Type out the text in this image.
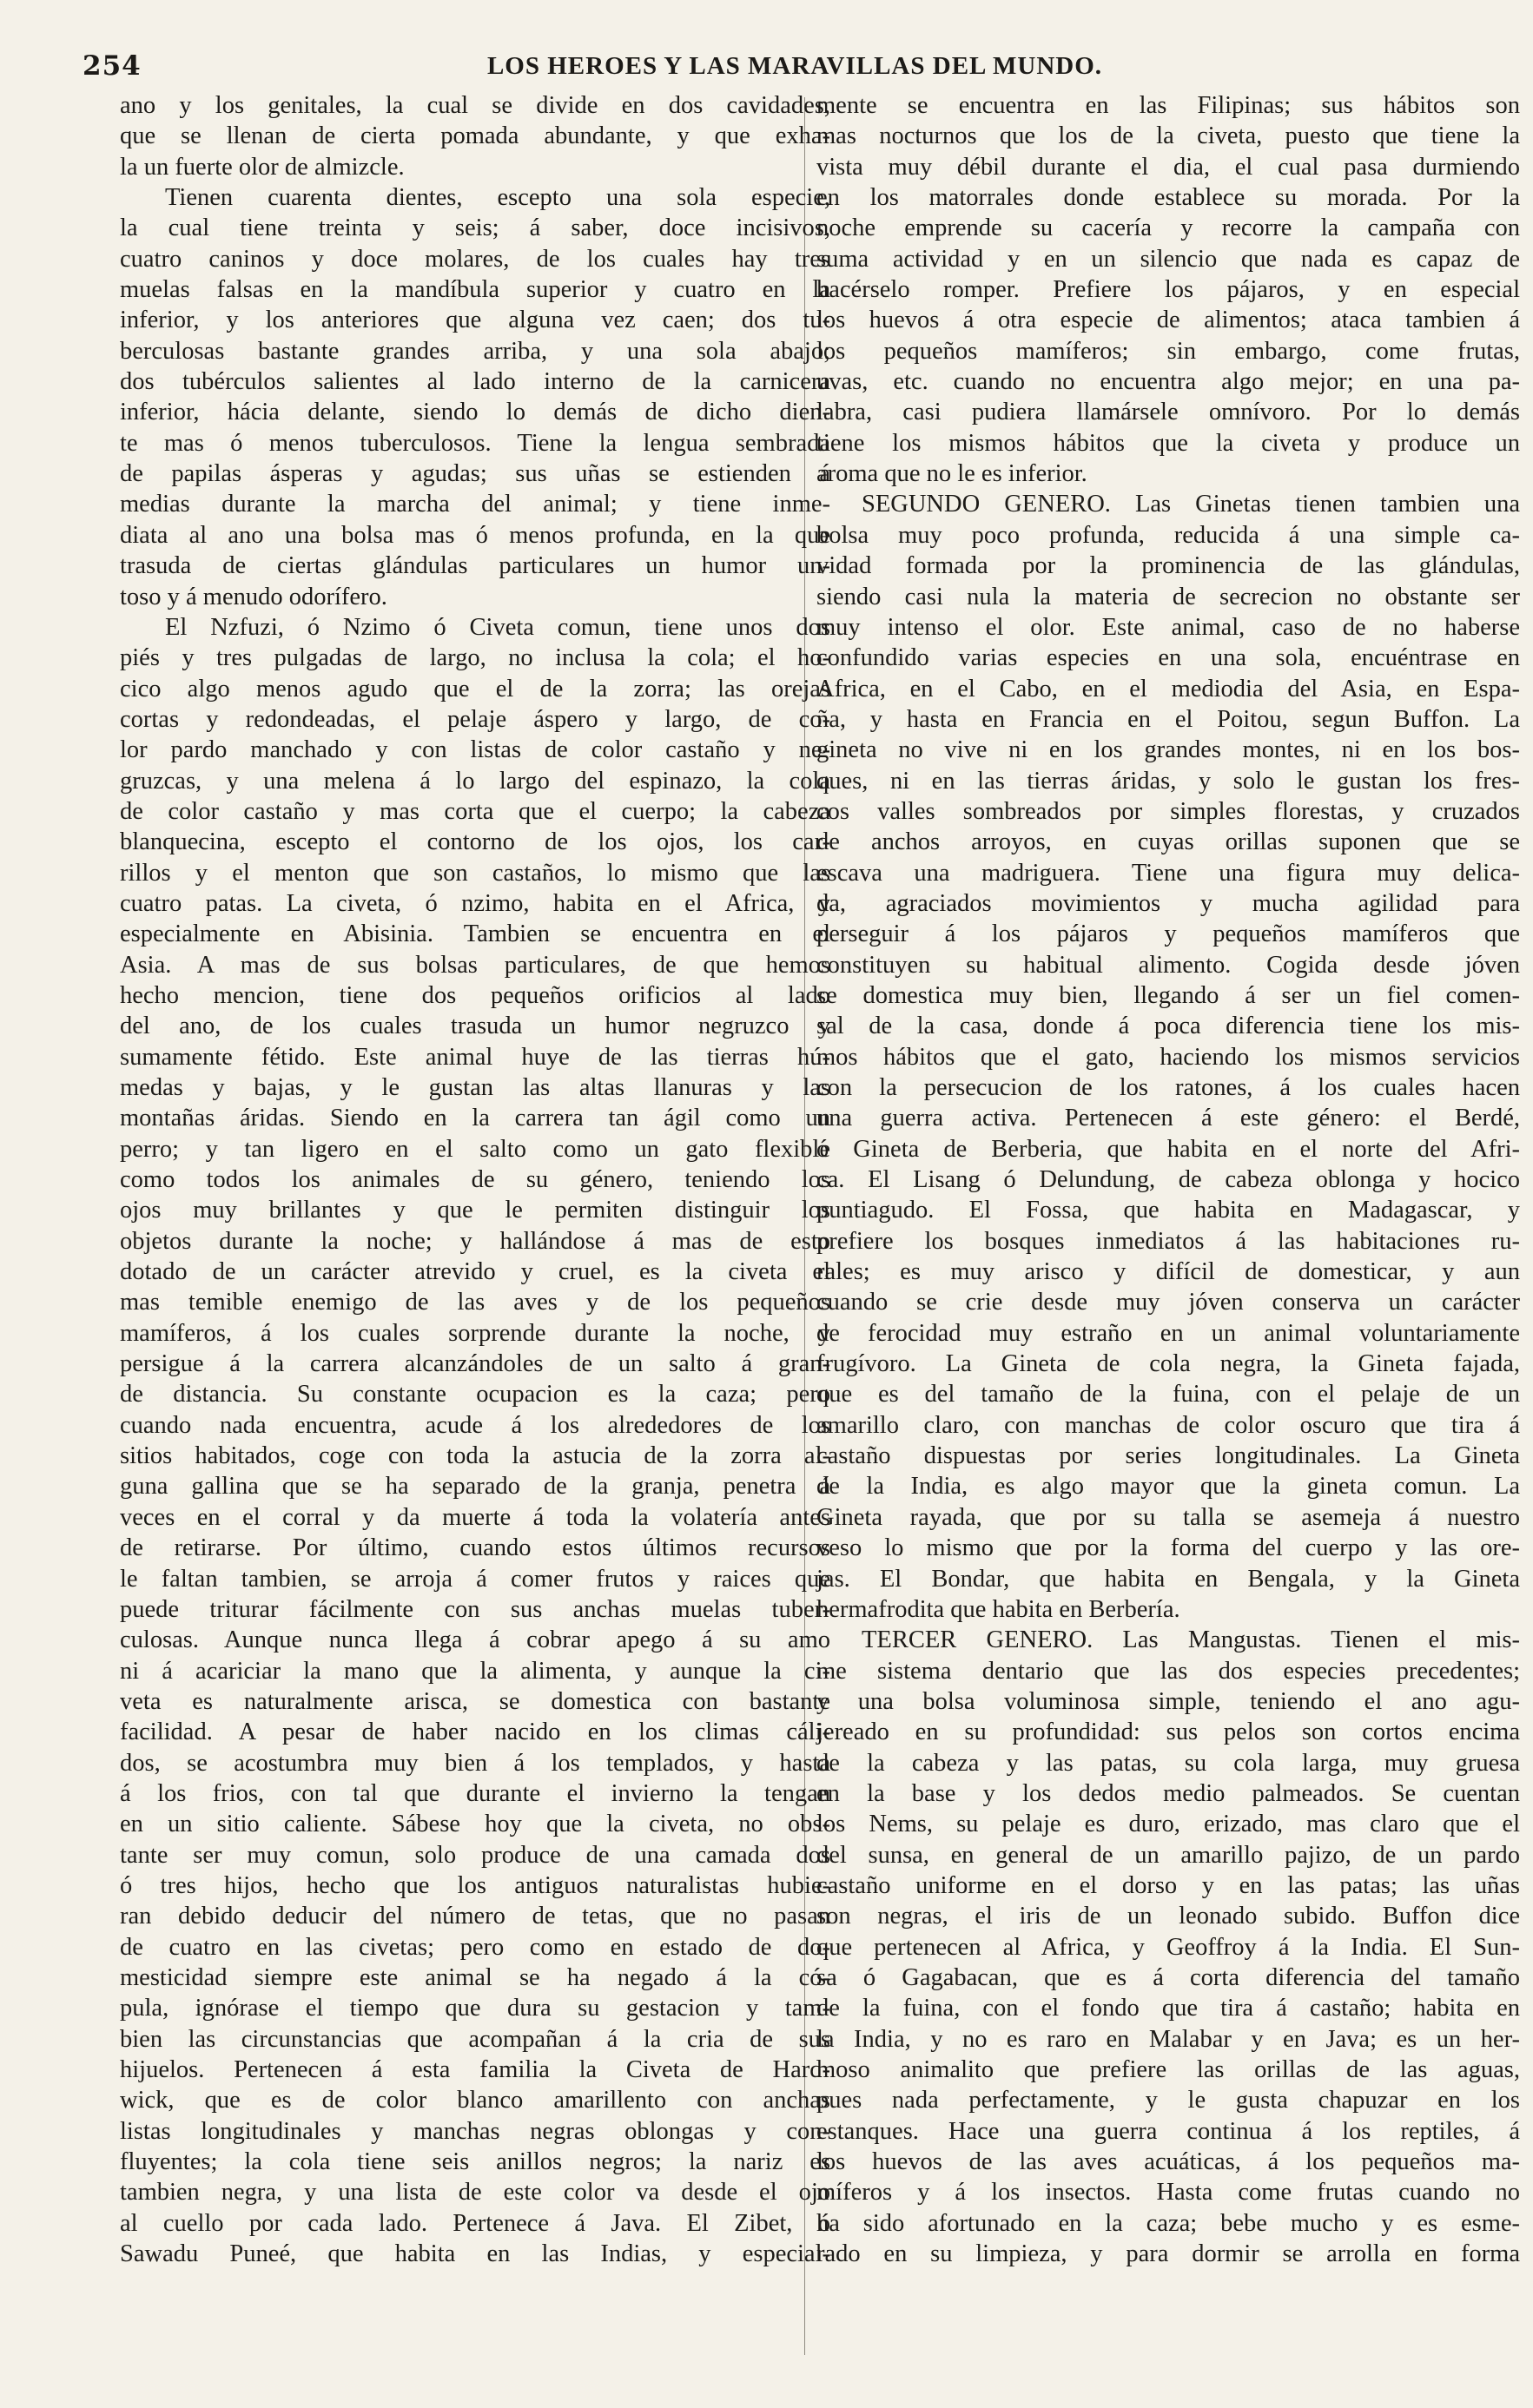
254	LOS HEROES Y LAS MARAVILLAS DEL MUNDO.

ano y los genitales, la cual se divide en dos cavidades,

que se llenan de cierta pomada abundante, y que exha-

la un fuerte olor de almizcle.

Tienen cuarenta dientes, escepto una sola especie,

la cual tiene treinta y seis; á saber, doce incisivos,

cuatro caninos y doce molares, de los cuales hay tres

muelas falsas en la mandíbula superior y cuatro en la

inferior, y los anteriores que alguna vez caen; dos tu-

berculosas bastante grandes arriba, y una sola abajo;

dos tubérculos salientes al lado interno de la carnicera

inferior, hácia delante, siendo lo demás de dicho dien-

te mas ó menos tuberculosos. Tiene la lengua sembrada

de papilas ásperas y agudas; sus uñas se estienden á

medias durante la marcha del animal; y tiene inme-

diata al ano una bolsa mas ó menos profunda, en la que

trasuda de ciertas glándulas particulares un humor un-

toso y á menudo odorífero.

El Nzfuzi, ó Nzimo ó Civeta comun, tiene unos dos

piés y tres pulgadas de largo, no inclusa la cola; el ho-

cico algo menos agudo que el de la zorra; las orejas

cortas y redondeadas, el pelaje áspero y largo, de co-

lor pardo manchado y con listas de color castaño y ne-

gruzcas, y una melena á lo largo del espinazo, la cola

de color castaño y mas corta que el cuerpo; la cabeza

blanquecina, escepto el contorno de los ojos, los car-

rillos y el menton que son castaños, lo mismo que las

cuatro patas. La civeta, ó nzimo, habita en el Africa, y

especialmente en Abisinia. Tambien se encuentra en el

Asia. A mas de sus bolsas particulares, de que hemos

hecho mencion, tiene dos pequeños orificios al lado

del ano, de los cuales trasuda un humor negruzco y

sumamente fétido. Este animal huye de las tierras hú-

medas y bajas, y le gustan las altas llanuras y las

montañas áridas. Siendo en la carrera tan ágil como un

perro; y tan ligero en el salto como un gato flexible

como todos los animales de su género, teniendo los

ojos muy brillantes y que le permiten distinguir los

objetos durante la noche; y hallándose á mas de esto

dotado de un carácter atrevido y cruel, es la civeta el

mas temible enemigo de las aves y de los pequeños

mamíferos, á los cuales sorprende durante la noche, y

persigue á la carrera alcanzándoles de un salto á gran-

de distancia. Su constante ocupacion es la caza; pero

cuando nada encuentra, acude á los alrededores de los

sitios habitados, coge con toda la astucia de la zorra al-

guna gallina que se ha separado de la granja, penetra á

veces en el corral y da muerte á toda la volatería antes

de retirarse. Por último, cuando estos últimos recursos

le faltan tambien, se arroja á comer frutos y raices que

puede triturar fácilmente con sus anchas muelas tuber-

culosas. Aunque nunca llega á cobrar apego á su amo

ni á acariciar la mano que la alimenta, y aunque la ci-

veta es naturalmente arisca, se domestica con bastante

facilidad. A pesar de haber nacido en los climas cáli-

dos, se acostumbra muy bien á los templados, y hasta

á los frios, con tal que durante el invierno la tengan

en un sitio caliente. Sábese hoy que la civeta, no obs-

tante ser muy comun, solo produce de una camada dos

ó tres hijos, hecho que los antiguos naturalistas hubie-

ran debido deducir del número de tetas, que no pasan

de cuatro en las civetas; pero como en estado de do-

mesticidad siempre este animal se ha negado á la có-

pula, ignórase el tiempo que dura su gestacion y tam-

bien las circunstancias que acompañan á la cria de sus

hijuelos. Pertenecen á esta familia la Civeta de Hard-

wick, que es de color blanco amarillento con anchas

listas longitudinales y manchas negras oblongas y con-

fluyentes; la cola tiene seis anillos negros; la nariz es

tambien negra, y una lista de este color va desde el ojo

al cuello por cada lado. Pertenece á Java. El Zibet, ó

Sawadu Puneé, que habita en las Indias, y especial-

mente se encuentra en las Filipinas; sus hábitos son

mas nocturnos que los de la civeta, puesto que tiene la

vista muy débil durante el dia, el cual pasa durmiendo

en los matorrales donde establece su morada. Por la

noche emprende su cacería y recorre la campaña con

suma actividad y en un silencio que nada es capaz de

hacérselo romper. Prefiere los pájaros, y en especial

los huevos á otra especie de alimentos; ataca tambien á

los pequeños mamíferos; sin embargo, come frutas,

uvas, etc. cuando no encuentra algo mejor; en una pa-

labra, casi pudiera llamársele omnívoro. Por lo demás

tiene los mismos hábitos que la civeta y produce un

aroma que no le es inferior.

SEGUNDO GENERO. Las Ginetas tienen tambien una

bolsa muy poco profunda, reducida á una simple ca-

vidad formada por la prominencia de las glándulas,

siendo casi nula la materia de secrecion no obstante ser

muy intenso el olor. Este animal, caso de no haberse

confundido varias especies en una sola, encuéntrase en

Africa, en el Cabo, en el mediodia del Asia, en Espa-

ña, y hasta en Francia en el Poitou, segun Buffon. La

gineta no vive ni en los grandes montes, ni en los bos-

ques, ni en las tierras áridas, y solo le gustan los fres-

cos valles sombreados por simples florestas, y cruzados

de anchos arroyos, en cuyas orillas suponen que se

escava una madriguera. Tiene una figura muy delica-

da, agraciados movimientos y mucha agilidad para

perseguir á los pájaros y pequeños mamíferos que

constituyen su habitual alimento. Cogida desde jóven

se domestica muy bien, llegando á ser un fiel comen-

sal de la casa, donde á poca diferencia tiene los mis-

mos hábitos que el gato, haciendo los mismos servicios

con la persecucion de los ratones, á los cuales hacen

una guerra activa. Pertenecen á este género: el Berdé,

ó Gineta de Berberia, que habita en el norte del Afri-

ca. El Lisang ó Delundung, de cabeza oblonga y hocico

puntiagudo. El Fossa, que habita en Madagascar, y

prefiere los bosques inmediatos á las habitaciones ru-

rales; es muy arisco y difícil de domesticar, y aun

cuando se crie desde muy jóven conserva un carácter

de ferocidad muy estraño en un animal voluntariamente

frugívoro. La Gineta de cola negra, la Gineta fajada,

que es del tamaño de la fuina, con el pelaje de un

amarillo claro, con manchas de color oscuro que tira á

castaño dispuestas por series longitudinales. La Gineta

de la India, es algo mayor que la gineta comun. La

Gineta rayada, que por su talla se asemeja á nuestro

veso lo mismo que por la forma del cuerpo y las ore-

jas. El Bondar, que habita en Bengala, y la Gineta

hermafrodita que habita en Berbería.

TERCER GENERO. Las Mangustas. Tienen el mis-

me sistema dentario que las dos especies precedentes;

y una bolsa voluminosa simple, teniendo el ano agu-

jereado en su profundidad: sus pelos son cortos encima

de la cabeza y las patas, su cola larga, muy gruesa

en la base y los dedos medio palmeados. Se cuentan

los Nems, su pelaje es duro, erizado, mas claro que el

del sunsa, en general de un amarillo pajizo, de un pardo

castaño uniforme en el dorso y en las patas; las uñas

son negras, el iris de un leonado subido. Buffon dice

que pertenecen al Africa, y Geoffroy á la India. El Sun-

sa ó Gagabacan, que es á corta diferencia del tamaño

de la fuina, con el fondo que tira á castaño; habita en

la India, y no es raro en Malabar y en Java; es un her-

moso animalito que prefiere las orillas de las aguas,

pues nada perfectamente, y le gusta chapuzar en los

estanques. Hace una guerra continua á los reptiles, á

los huevos de las aves acuáticas, á los pequeños ma-

míferos y á los insectos. Hasta come frutas cuando no

ha sido afortunado en la caza; bebe mucho y es esme-

rado en su limpieza, y para dormir se arrolla en forma
